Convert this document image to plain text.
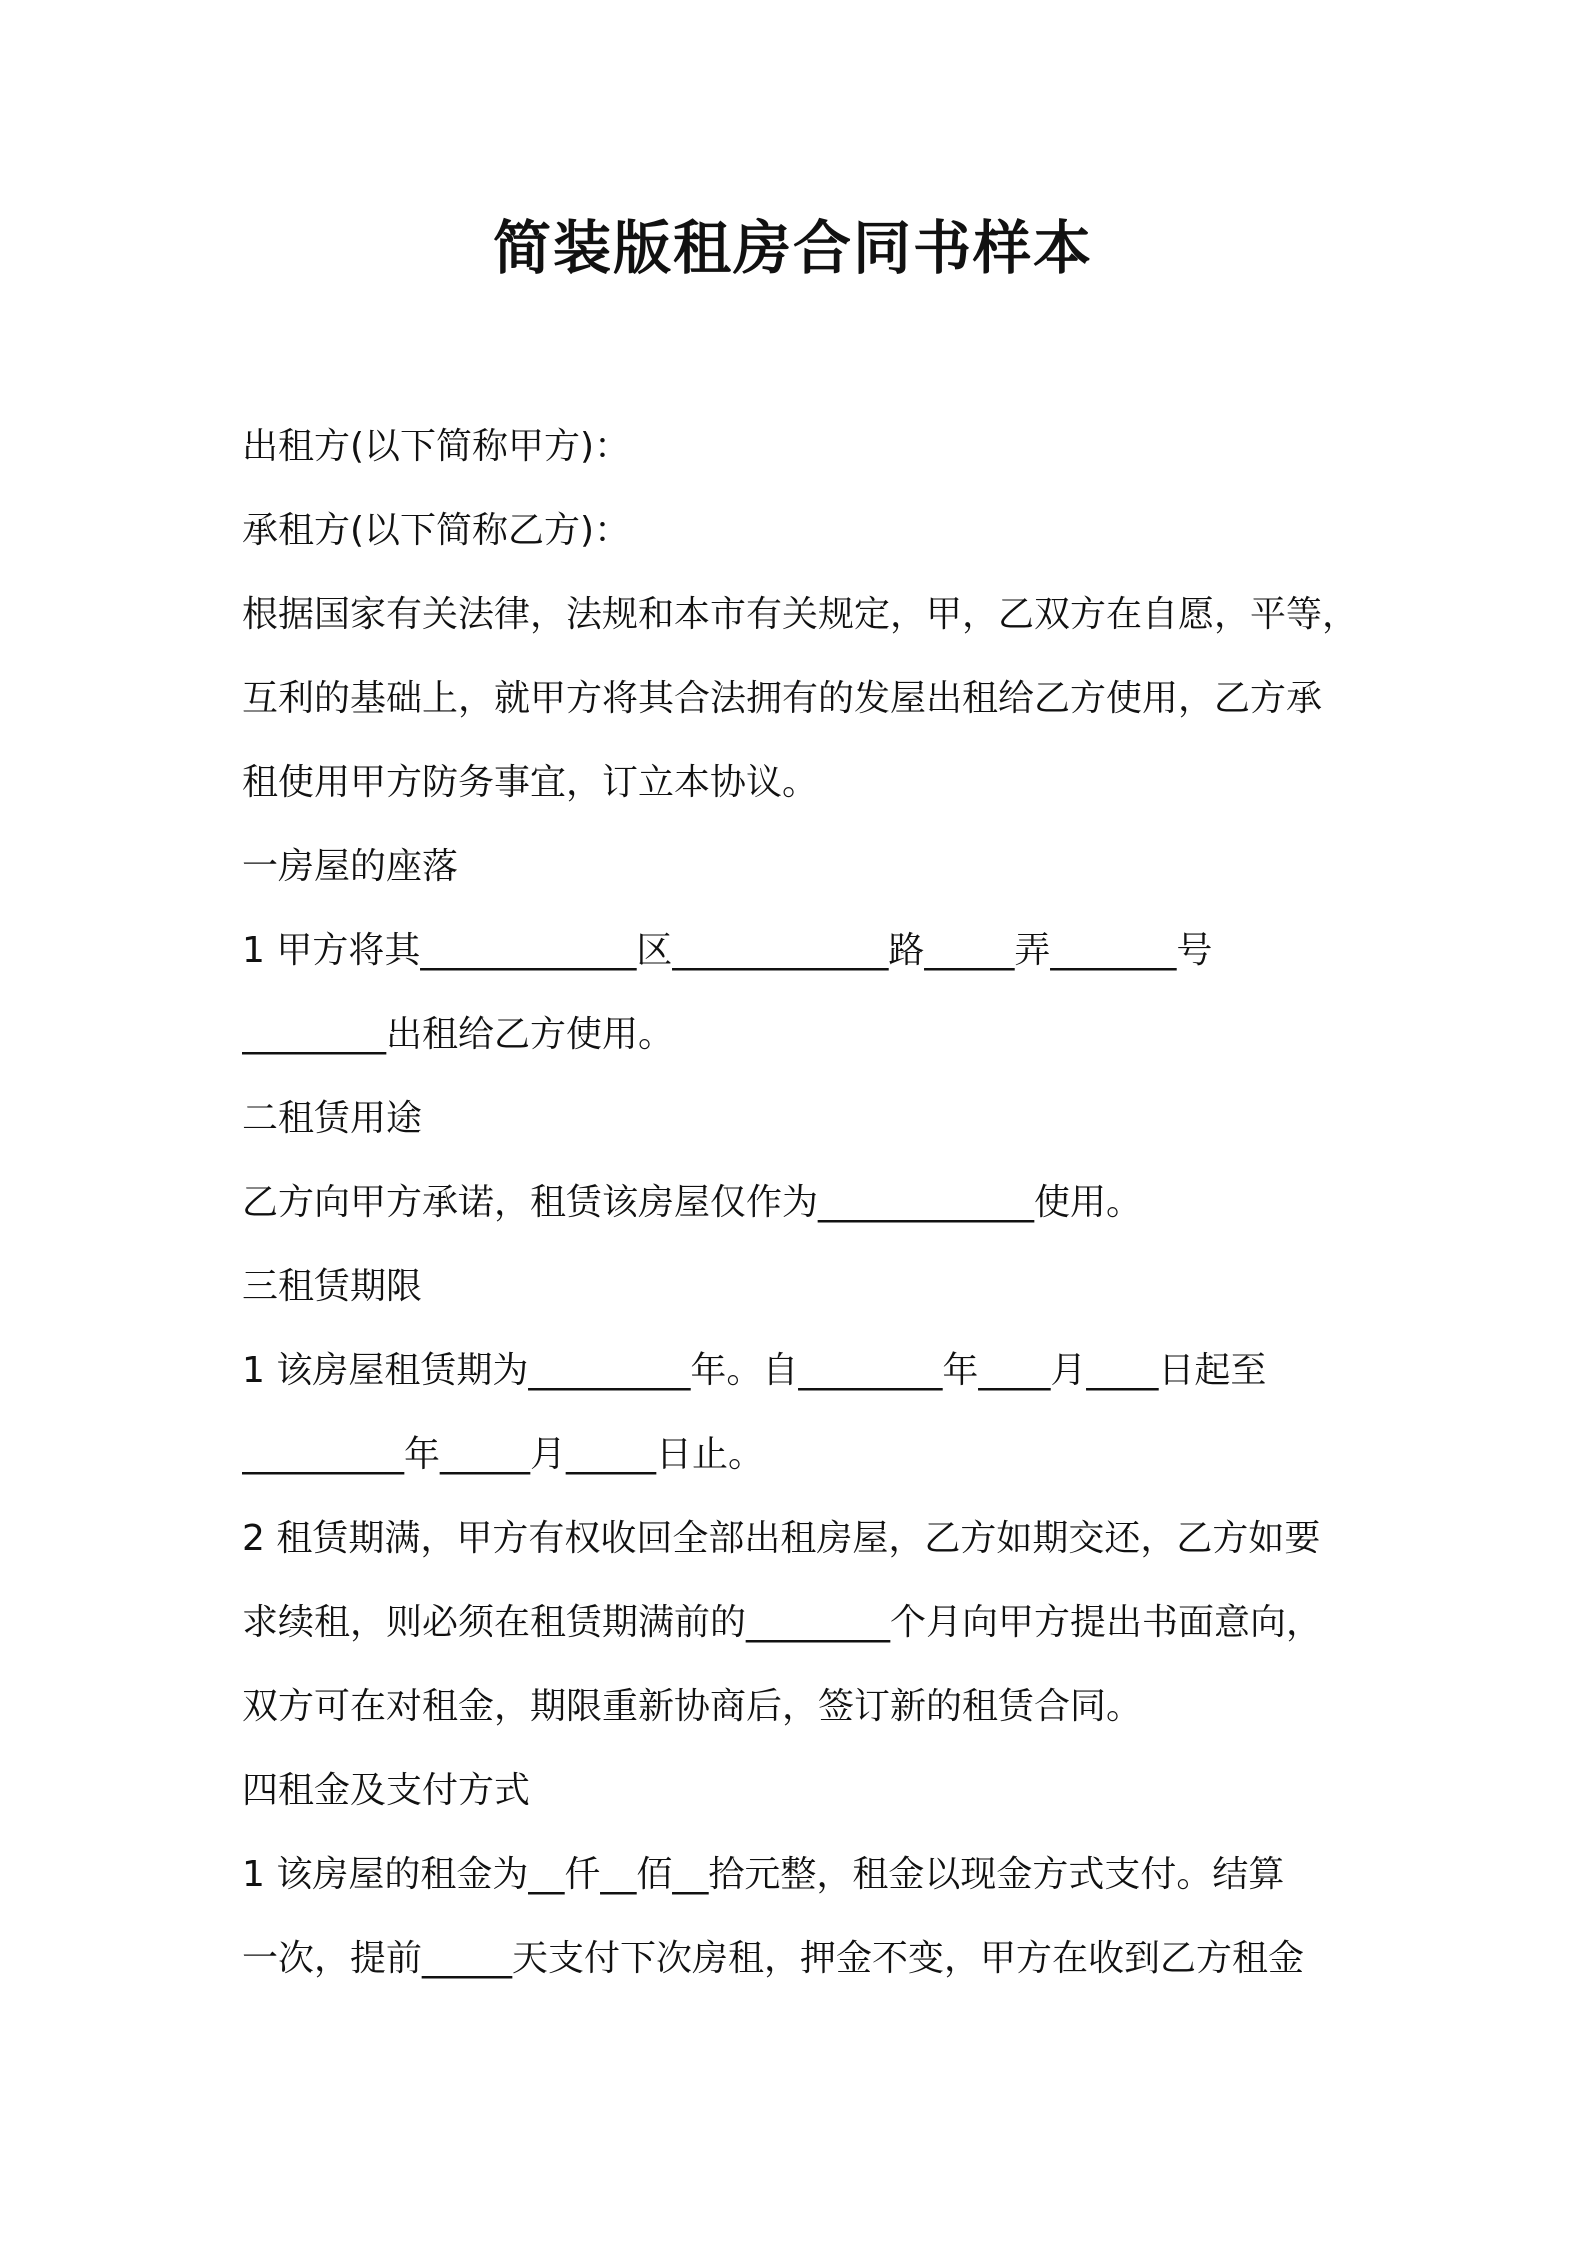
简装版租房合同书样本
出租方(以下简称甲方)：
承租方(以下简称乙方)：
根据国家有关法律，法规和本市有关规定，甲，乙双方在自愿，平等，
互利的基础上，就甲方将其合法拥有的发屋出租给乙方使用，乙方承
租使用甲方防务事宜，订立本协议。
一房屋的座落
1 甲方将其____________区____________路_____弄_______号
________出租给乙方使用。
二租赁用途
乙方向甲方承诺，租赁该房屋仅作为____________使用。
三租赁期限
1 该房屋租赁期为_________年。自________年____月____日起至
_________年_____月_____日止。
2 租赁期满，甲方有权收回全部出租房屋，乙方如期交还，乙方如要
求续租，则必须在租赁期满前的________个月向甲方提出书面意向，
双方可在对租金，期限重新协商后，签订新的租赁合同。
四租金及支付方式
1 该房屋的租金为__仟__佰__拾元整，租金以现金方式支付。结算
一次，提前_____天支付下次房租，押金不变，甲方在收到乙方租金
